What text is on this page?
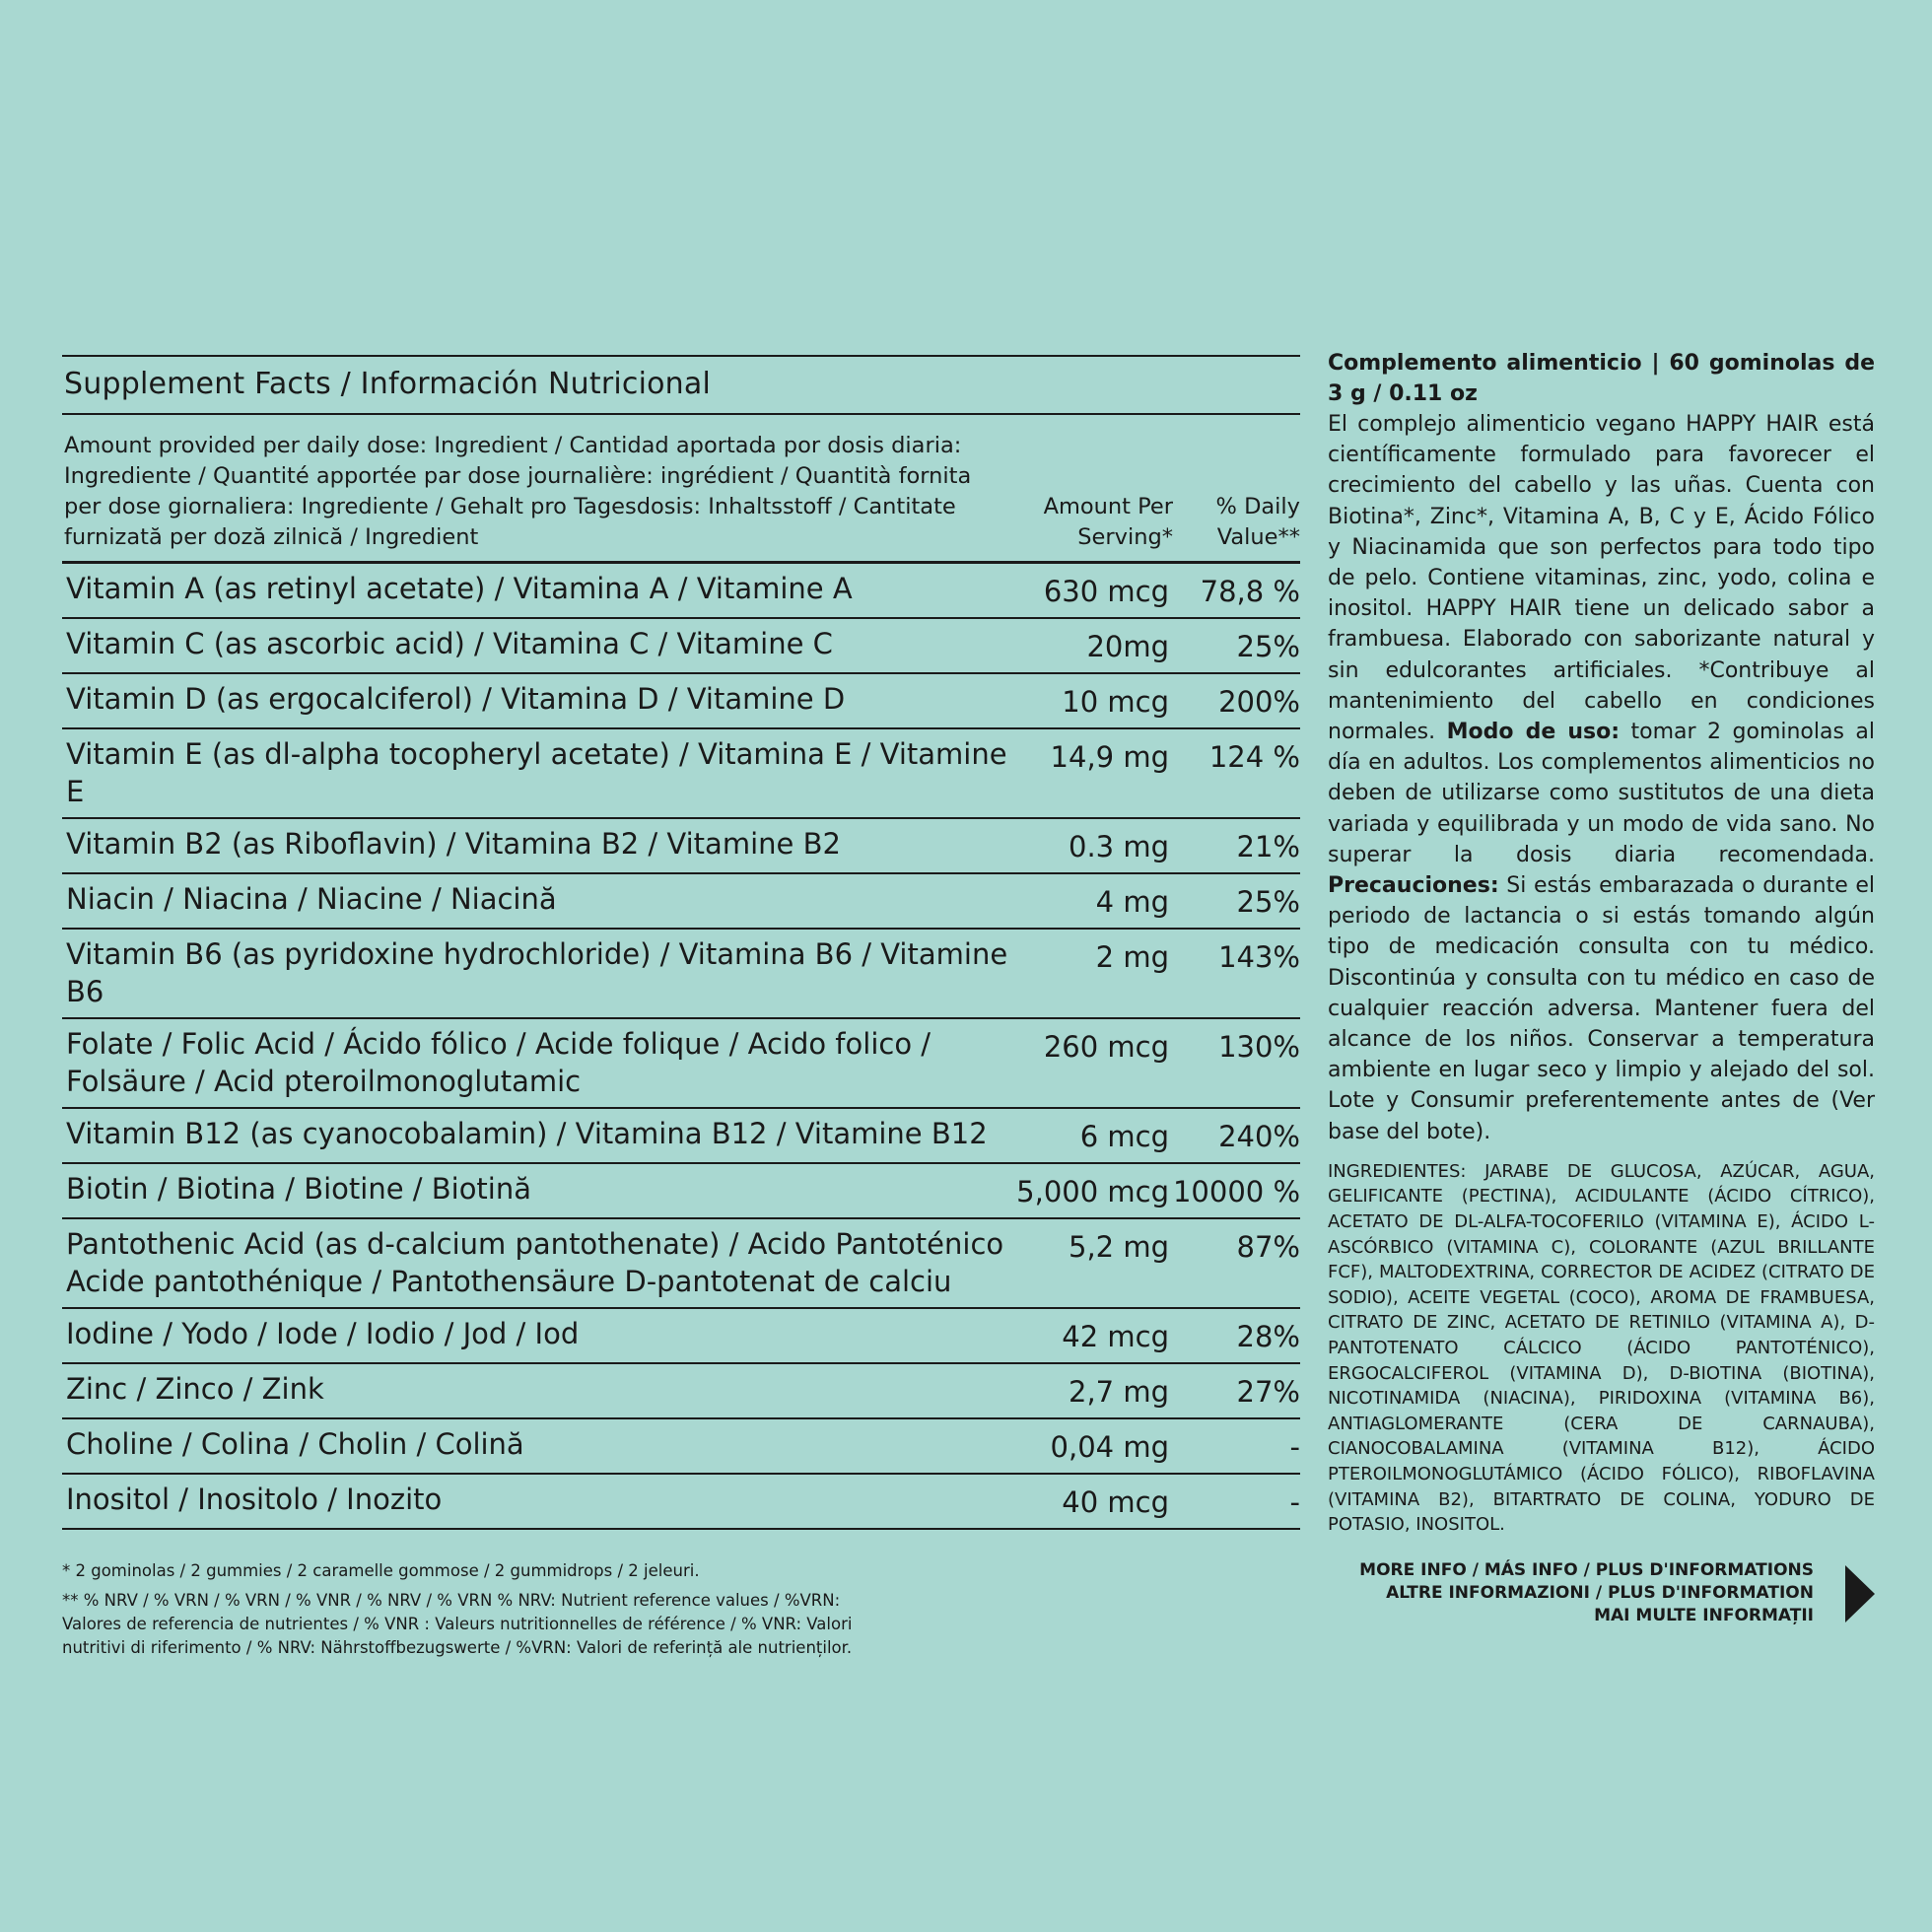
Supplement Facts / Información Nutricional
Amount provided per daily dose: Ingredient / Cantidad aportada por dosis diaria: Ingrediente / Quantité apportée par dose journalière: ingrédient / Quantità fornita per dose giornaliera: Ingrediente / Gehalt pro Tagesdosis: Inhaltsstoff / Cantitate furnizată per doză zilnică / Ingredient
Amount Per Serving*
% Daily Value**
Vitamin A (as retinyl acetate) / Vitamina A / Vitamine A	630 mcg	78,8 %
Vitamin C (as ascorbic acid) / Vitamina C / Vitamine C	20mg	25%
Vitamin D (as ergocalciferol) / Vitamina D / Vitamine D	10 mcg	200%
Vitamin E (as dl-alpha tocopheryl acetate) / Vitamina E / Vitamine E
14,9 mg	124 %
Vitamin B2 (as Riboflavin) / Vitamina B2 / Vitamine B2	0.3 mg	21%
Niacin / Niacina / Niacine / Niacină	4 mg	25%
Vitamin B6 (as pyridoxine hydrochloride) / Vitamina B6 / Vitamine B6
2 mg	143%
Folate / Folic Acid / Ácido fólico / Acide folique / Acido folico / Folsäure / Acid pteroilmonoglutamic
260 mcg	130%
Vitamin B12 (as cyanocobalamin) / Vitamina B12 / Vitamine B12	6 mcg	240%
Biotin / Biotina / Biotine / Biotină	5,000 mcg 10000 %
Pantothenic Acid (as d-calcium pantothenate) / Acido Pantoténico Acide pantothénique / Pantothensäure D-pantotenat de calciu
5,2 mg	87%
Iodine / Yodo / Iode / Iodio / Jod / Iod	42 mcg	28%
Zinc / Zinco / Zink	2,7 mg	27%
Choline / Colina / Cholin / Colină	0,04 mg	-
Inositol / Inositolo / Inozito	40 mcg	-

* 2 gominolas / 2 gummies / 2 caramelle gommose / 2 gummidrops / 2 jeleuri.

** % NRV / % VRN / % VRN / % VNR / % NRV / % VRN % NRV: Nutrient reference values / %VRN: Valores de referencia de nutrientes / % VNR : Valeurs nutritionnelles de référence / % VNR: Valori nutritivi di riferimento / % NRV: Nährstoffbezugswerte / %VRN: Valori de referință ale nutrienților.

Complemento alimenticio | 60 gominolas de 3 g / 0.11 oz
El complejo alimenticio vegano HAPPY HAIR está científicamente formulado para favorecer el crecimiento del cabello y las uñas. Cuenta con Biotina*, Zinc*, Vitamina A, B, C y E, Ácido Fólico y Niacinamida que son perfectos para todo tipo de pelo. Contiene vitaminas, zinc, yodo, colina e inositol. HAPPY HAIR tiene un delicado sabor a frambuesa. Elaborado con saborizante natural y sin edulcorantes artificiales. *Contribuye al mantenimiento del cabello en condiciones normales. Modo de uso: tomar 2 gominolas al día en adultos. Los complementos alimenticios no deben de utilizarse como sustitutos de una dieta variada y equilibrada y un modo de vida sano. No superar la dosis diaria recomendada. Precauciones: Si estás embarazada o durante el periodo de lactancia o si estás tomando algún tipo de medicación consulta con tu médico. Discontinúa y consulta con tu médico en caso de cualquier reacción adversa. Mantener fuera del alcance de los niños. Conservar a temperatura ambiente en lugar seco y limpio y alejado del sol. Lote y Consumir preferentemente antes de (Ver base del bote).
INGREDIENTES: JARABE DE GLUCOSA, AZÚCAR, AGUA, GELIFICANTE (PECTINA), ACIDULANTE (ÁCIDO CÍTRICO), ACETATO DE DL-ALFA-TOCOFERILO (VITAMINA E), ÁCIDO L-ASCÓRBICO (VITAMINA C), COLORANTE (AZUL BRILLANTE FCF), MALTODEXTRINA, CORRECTOR DE ACIDEZ (CITRATO DE SODIO), ACEITE VEGETAL (COCO), AROMA DE FRAMBUESA, CITRATO DE ZINC, ACETATO DE RETINILO (VITAMINA A), D-PANTOTENATO CÁLCICO (ÁCIDO PANTOTÉNICO), ERGOCALCIFEROL (VITAMINA D), D-BIOTINA (BIOTINA), NICOTINAMIDA (NIACINA), PIRIDOXINA (VITAMINA B6), ANTIAGLOMERANTE (CERA DE CARNAUBA), CIANOCOBALAMINA (VITAMINA B12), ÁCIDO PTEROILMONOGLUTÁMICO (ÁCIDO FÓLICO), RIBOFLAVINA (VITAMINA B2), BITARTRATO DE COLINA, YODURO DE POTASIO, INOSITOL.
MORE INFO / MÁS INFO / PLUS D'INFORMATIONS
ALTRE INFORMAZIONI / PLUS D'INFORMATION
MAI MULTE INFORMAȚII
